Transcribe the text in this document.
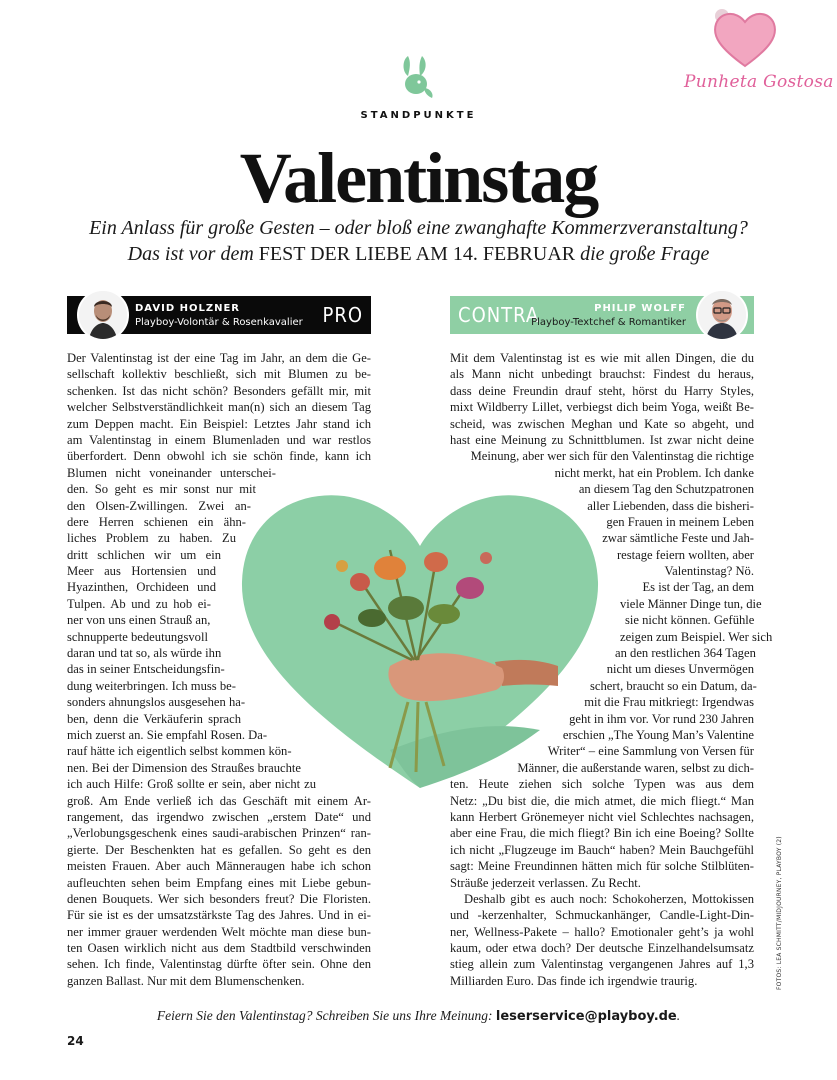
Punheta Gostosa
STANDPUNKTE
Valentinstag
Ein Anlass für große Gesten – oder bloß eine zwanghafte Kommerzveranstaltung?
Das ist vor dem FEST DER LIEBE AM 14. FEBRUAR die große Frage
DAVID HOLZNER
Playboy-Volontär & Rosenkavalier PRO	CONTRA	PHILIP WOLFF
Playboy-Textchef & Romantiker
Der Valentinstag ist der eine Tag im Jahr, an dem die Ge-
sellschaft kollektiv beschließt, sich mit Blumen zu be-
schenken. Ist das nicht schön? Besonders gefällt mir, mit
welcher Selbstverständlichkeit man(n) sich an diesem Tag
zum Deppen macht. Ein Beispiel: Letztes Jahr stand ich
am Valentinstag in einem Blumenladen und war restlos
überfordert. Denn obwohl ich sie schön finde, kann ich
Blumen nicht voneinander unterschei-
den. So geht es mir sonst nur mit
den Olsen-Zwillingen. Zwei an-
dere Herren schienen ein ähn-
liches Problem zu haben. Zu
dritt schlichen wir um ein
Meer aus Hortensien und
Hyazinthen, Orchideen und
Tulpen. Ab und zu hob ei-
ner von uns einen Strauß an,
schnupperte bedeutungsvoll
daran und tat so, als würde ihn
das in seiner Entscheidungsfin-
dung weiterbringen. Ich muss be-
sonders ahnungslos ausgesehen ha-
ben, denn die Verkäuferin sprach
mich zuerst an. Sie empfahl Rosen. Da-
rauf hätte ich eigentlich selbst kommen kön-
nen. Bei der Dimension des Straußes brauchte
ich auch Hilfe: Groß sollte er sein, aber nicht zu
groß. Am Ende verließ ich das Geschäft mit einem Ar-
rangement, das irgendwo zwischen „erstem Date“ und
„Verlobungsgeschenk eines saudi-arabischen Prinzen“ ran-
gierte. Der Beschenkten hat es gefallen. So geht es den
meisten Frauen. Aber auch Männeraugen habe ich schon
aufleuchten sehen beim Empfang eines mit Liebe gebun-
denen Bouquets. Wer sich besonders freut? Die Floristen.
Für sie ist es der umsatzstärkste Tag des Jahres. Und in ei-
ner immer grauer werdenden Welt möchte man diese bun-
ten Oasen wirklich nicht aus dem Stadtbild verschwinden
sehen. Ich finde, Valentinstag dürfte öfter sein. Ohne den
ganzen Ballast. Nur mit dem Blumenschenken.
Mit dem Valentinstag ist es wie mit allen Dingen, die du
als Mann nicht unbedingt brauchst: Findest du heraus,
dass deine Freundin drauf steht, hörst du Harry Styles,
mixt Wildberry Lillet, verbiegst dich beim Yoga, weißt Be-
scheid, was zwischen Meghan und Kate so abgeht, und
hast eine Meinung zu Schnittblumen. Ist zwar nicht deine
Meinung, aber wer sich für den Valentinstag die richtige
nicht merkt, hat ein Problem. Ich danke
an diesem Tag den Schutzpatronen
aller Liebenden, dass die bisheri-
gen Frauen in meinem Leben
zwar sämtliche Feste und Jah-
restage feiern wollten, aber
Valentinstag? Nö.
Es ist der Tag, an dem
viele Männer Dinge tun, die
sie nicht können. Gefühle
zeigen zum Beispiel. Wer sich
an den restlichen 364 Tagen
nicht um dieses Unvermögen
schert, braucht so ein Datum, da-
mit die Frau mitkriegt: Irgendwas
geht in ihm vor. Vor rund 230 Jahren
erschien „The Young Man’s Valentine
Writer“ – eine Sammlung von Versen für
Männer, die außerstande waren, selbst zu dich-
ten. Heute ziehen sich solche Typen was aus dem
Netz: „Du bist die, die mich atmet, die mich fliegt.“ Man
kann Herbert Grönemeyer nicht viel Schlechtes nachsagen,
aber eine Frau, die mich fliegt? Bin ich eine Boeing? Sollte
ich nicht „Flugzeuge im Bauch“ haben? Mein Bauchgefühl
sagt: Meine Freundinnen hätten mich für solche Stilblüten-
Sträuße jederzeit verlassen. Zu Recht.
Deshalb gibt es auch noch: Schokoherzen, Mottokissen
und -kerzenhalter, Schmuckanhänger, Candle-Light-Din-
ner, Wellness-Pakete – hallo? Emotionaler geht’s ja wohl
kaum, oder etwa doch? Der deutsche Einzelhandelsumsatz
stieg allein zum Valentinstag vergangenen Jahres auf 1,3
Milliarden Euro. Das finde ich irgendwie traurig.
Feiern Sie den Valentinstag? Schreiben Sie uns Ihre Meinung: leserservice@playboy.de.
24
FOTOS: LEA SCHMITT/MIDJOURNEY, PLAYBOY (2)
